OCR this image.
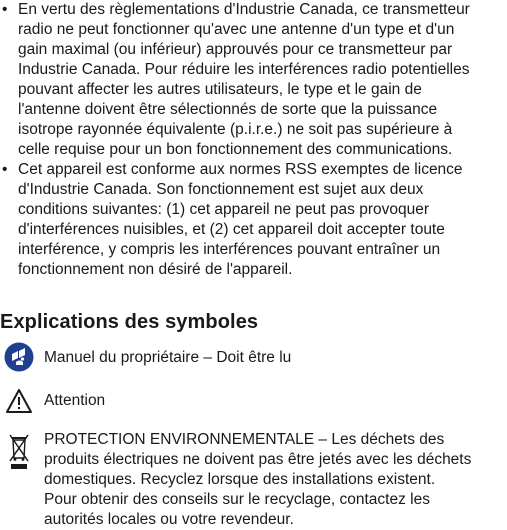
• En vertu des règlementations d'Industrie Canada, ce transmetteur
radio ne peut fonctionner qu'avec une antenne d'un type et d'un
gain maximal (ou inférieur) approuvés pour ce transmetteur par
Industrie Canada. Pour réduire les interférences radio potentielles
pouvant affecter les autres utilisateurs, le type et le gain de
l'antenne doivent être sélectionnés de sorte que la puissance
isotrope rayonnée équivalente (p.i.r.e.) ne soit pas supérieure à
celle requise pour un bon fonctionnement des communications.
• Cet appareil est conforme aux normes RSS exemptes de licence
d'Industrie Canada. Son fonctionnement est sujet aux deux
conditions suivantes: (1) cet appareil ne peut pas provoquer
d'interférences nuisibles, et (2) cet appareil doit accepter toute
interférence, y compris les interférences pouvant entraîner un
fonctionnement non désiré de l'appareil.
Explications des symboles
Manuel du propriétaire – Doit être lu
Attention
PROTECTION ENVIRONNEMENTALE – Les déchets des
produits électriques ne doivent pas être jetés avec les déchets
domestiques. Recyclez lorsque des installations existent.
Pour obtenir des conseils sur le recyclage, contactez les
autorités locales ou votre revendeur.
